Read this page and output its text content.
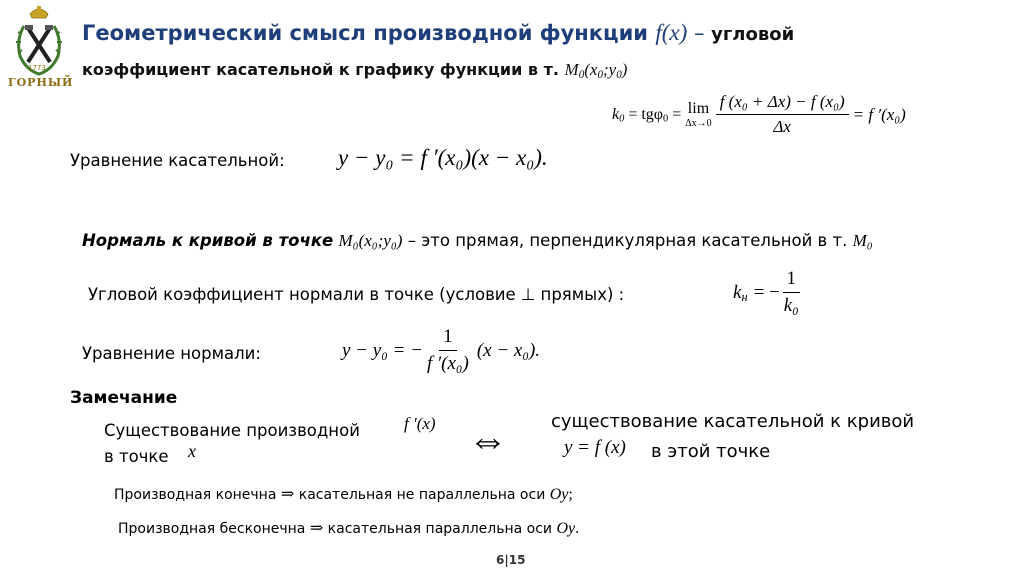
1773
ГОРНЫЙ
Геометрический смысл производной функции f(x) – угловой
коэффициент касательной к графику функции в т. $M_0(x_0;y_0)$
$k_0 = tg\varphi_0 = \lim$
$\Delta x\to 0 \frac{\text{f (x₀ + Δx) − f (x₀)}}{\Delta x} = f$ ′(x₀)
Уравнение касательной: y − y₀ = f ′(x₀)(x − x₀).
Нормаль к кривой в точке M₀(x₀;y₀) – это прямая, перпендикулярная касательной в т. M₀
Угловой коэффициент нормали в точке (условие ⊥ прямых) :	$k_н$ = − $\frac{1}{\text{k₀}}$
Уравнение нормали:	y − y₀ = − $\frac{1}{\text{f ′(x₀)}} (x - x_0)$.
Замечание
Существование производной	f ′(x)
в точке x	⇔ существование касательной к кривой
y = f (x) в этой точке
Производная конечна ⇒ касательная не параллельна оси Oy;
Производная бесконечна ⇒ касательная параллельна оси Oy.
6|15
